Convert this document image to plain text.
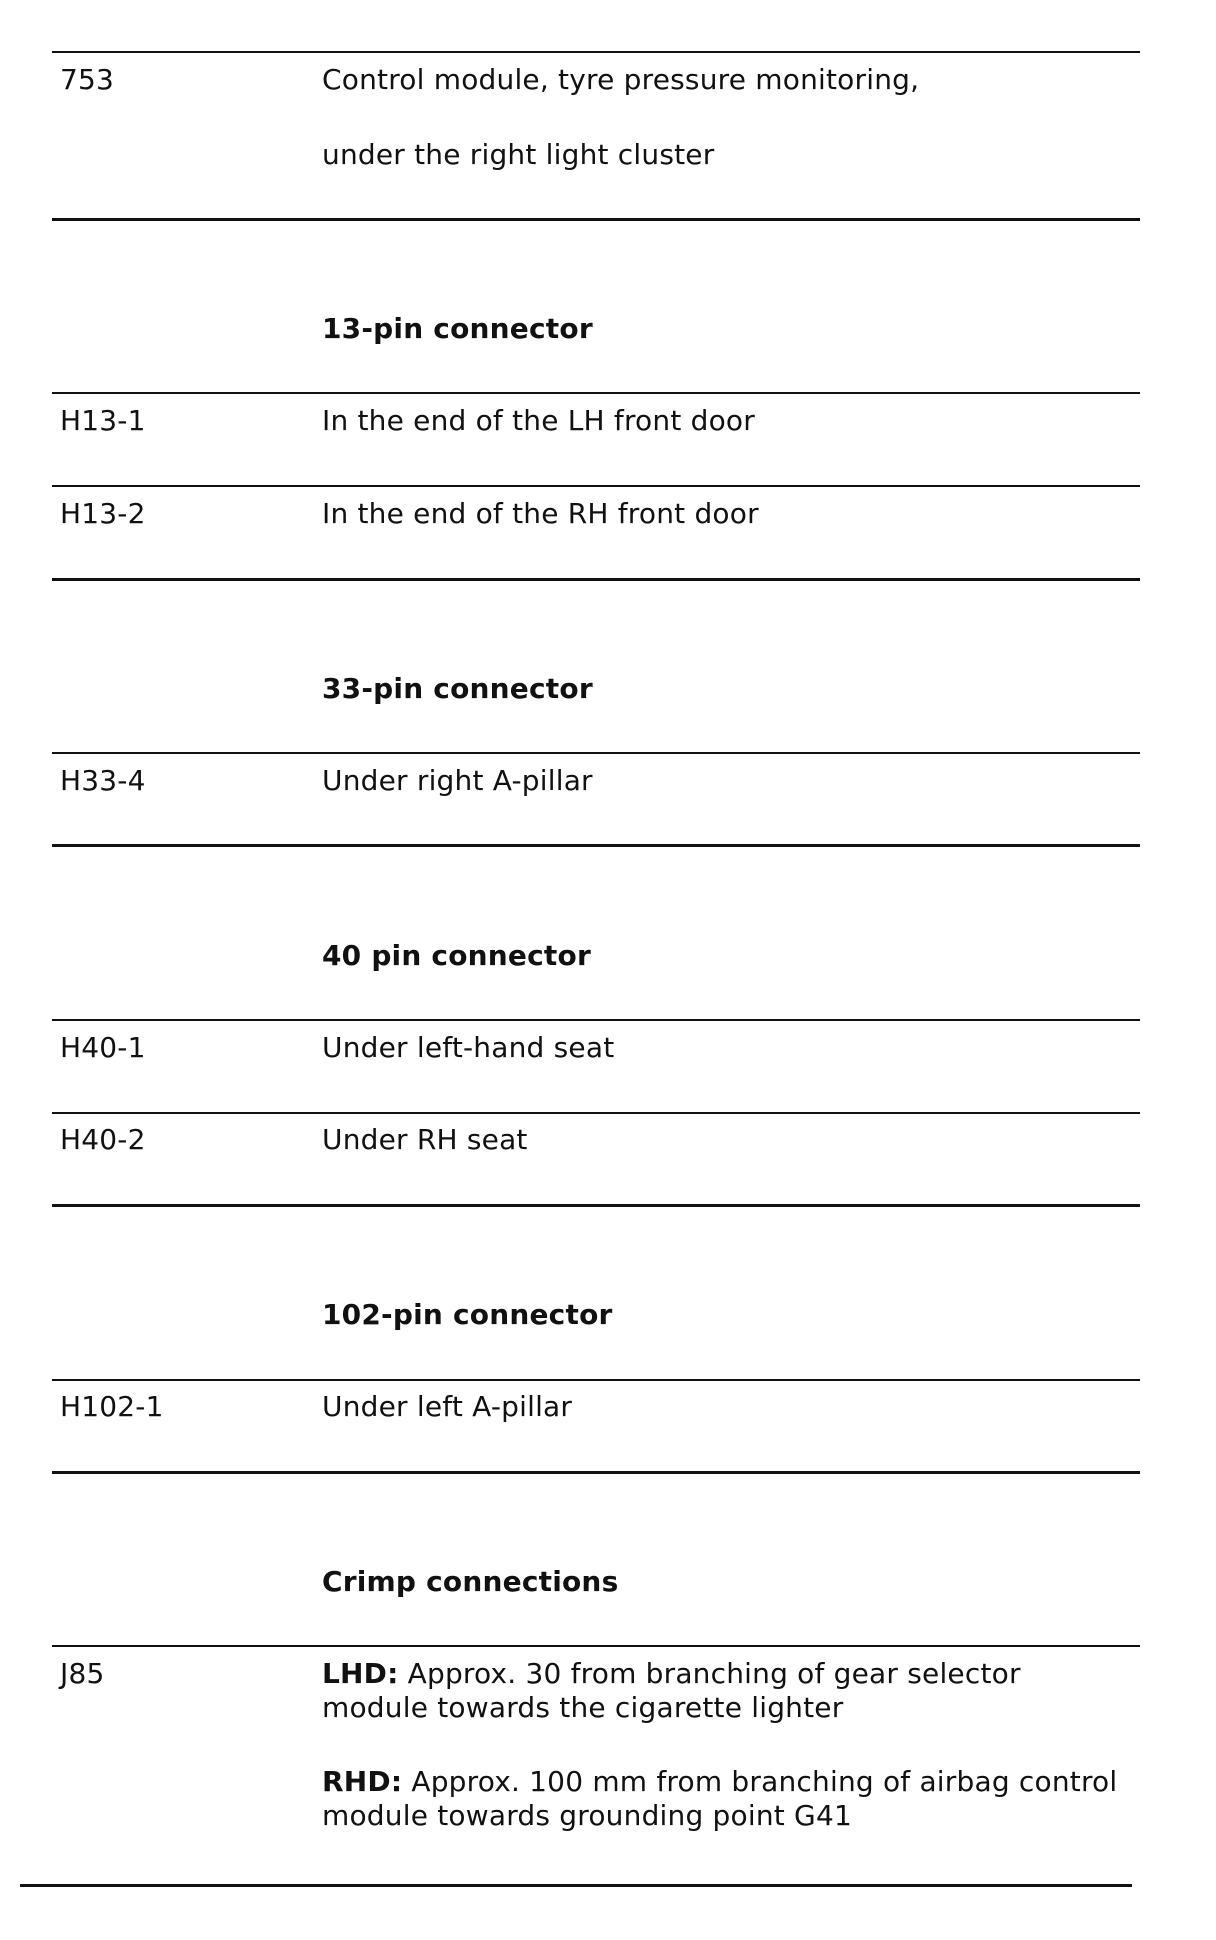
753	Control module, tyre pressure monitoring,
under the right light cluster
13-pin connector
H13-1	In the end of the LH front door
H13-2	In the end of the RH front door
33-pin connector
H33-4	Under right A-pillar
40 pin connector
H40-1	Under left-hand seat
H40-2	Under RH seat
102-pin connector
H102-1	Under left A-pillar
Crimp connections
J85	LHD: Approx. 30 from branching of gear selector module towards the cigarette lighter
RHD: Approx. 100 mm from branching of airbag control module towards grounding point G41
